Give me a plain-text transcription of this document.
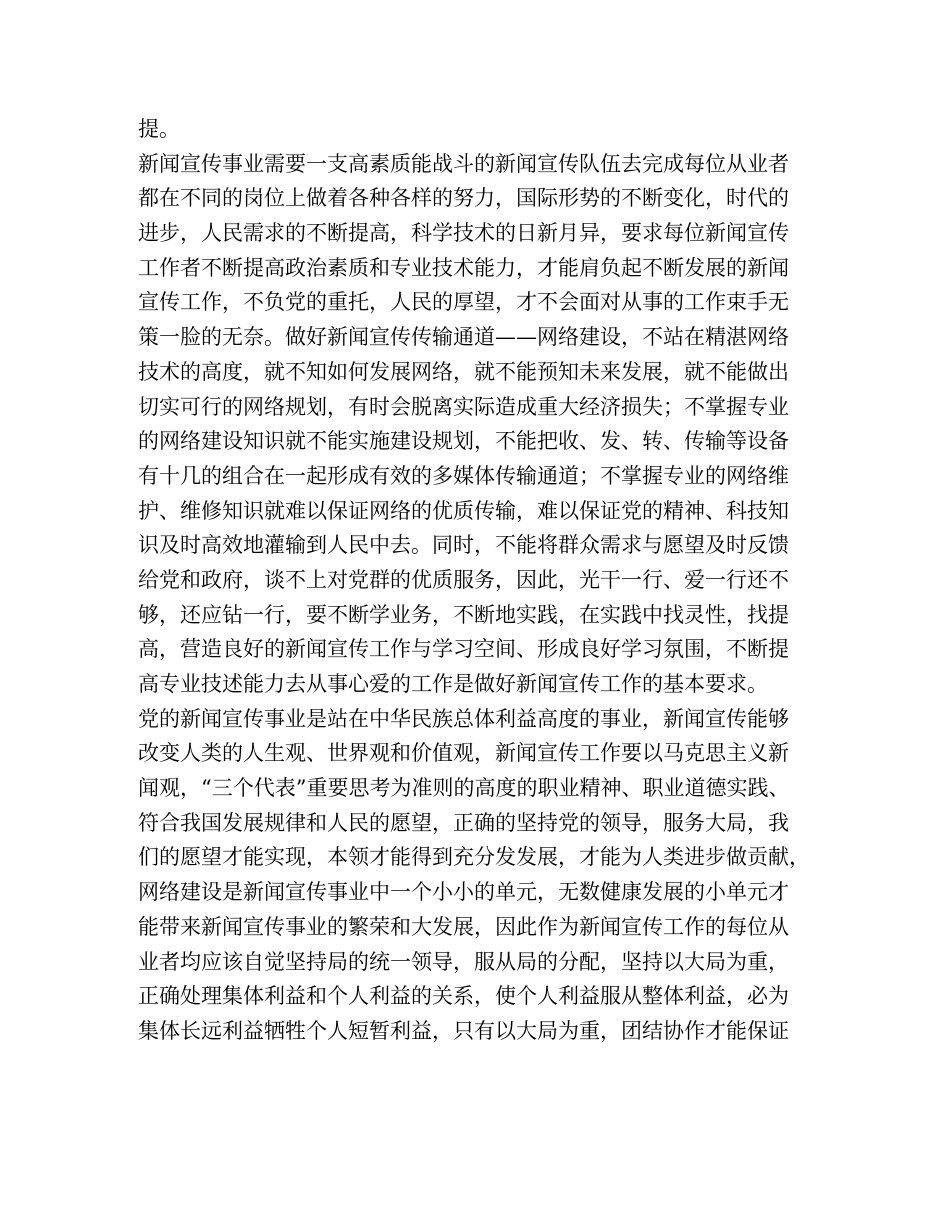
提。
新闻宣传事业需要一支高素质能战斗的新闻宣传队伍去完成每位从业者
都在不同的岗位上做着各种各样的努力，国际形势的不断变化，时代的
进步，人民需求的不断提高，科学技术的日新月异，要求每位新闻宣传
工作者不断提高政治素质和专业技术能力，才能肩负起不断发展的新闻
宣传工作，不负党的重托，人民的厚望，才不会面对从事的工作束手无
策一脸的无奈。做好新闻宣传传输通道——网络建设，不站在精湛网络
技术的高度，就不知如何发展网络，就不能预知未来发展，就不能做出
切实可行的网络规划，有时会脱离实际造成重大经济损失；不掌握专业
的网络建设知识就不能实施建设规划，不能把收、发、转、传输等设备
有十几的组合在一起形成有效的多媒体传输通道；不掌握专业的网络维
护、维修知识就难以保证网络的优质传输，难以保证党的精神、科技知
识及时高效地灌输到人民中去。同时，不能将群众需求与愿望及时反馈
给党和政府，谈不上对党群的优质服务，因此，光干一行、爱一行还不
够，还应钻一行，要不断学业务，不断地实践，在实践中找灵性，找提
高，营造良好的新闻宣传工作与学习空间、形成良好学习氛围，不断提
高专业技述能力去从事心爱的工作是做好新闻宣传工作的基本要求。
党的新闻宣传事业是站在中华民族总体利益高度的事业，新闻宣传能够
改变人类的人生观、世界观和价值观，新闻宣传工作要以马克思主义新
闻观，“三个代表”重要思考为准则的高度的职业精神、职业道德实践、
符合我国发展规律和人民的愿望，正确的坚持党的领导，服务大局，我
们的愿望才能实现，本领才能得到充分发发展，才能为人类进步做贡献，
网络建设是新闻宣传事业中一个小小的单元，无数健康发展的小单元才
能带来新闻宣传事业的繁荣和大发展，因此作为新闻宣传工作的每位从
业者均应该自觉坚持局的统一领导，服从局的分配，坚持以大局为重，
正确处理集体利益和个人利益的关系，使个人利益服从整体利益，必为
集体长远利益牺牲个人短暂利益，只有以大局为重，团结协作才能保证
